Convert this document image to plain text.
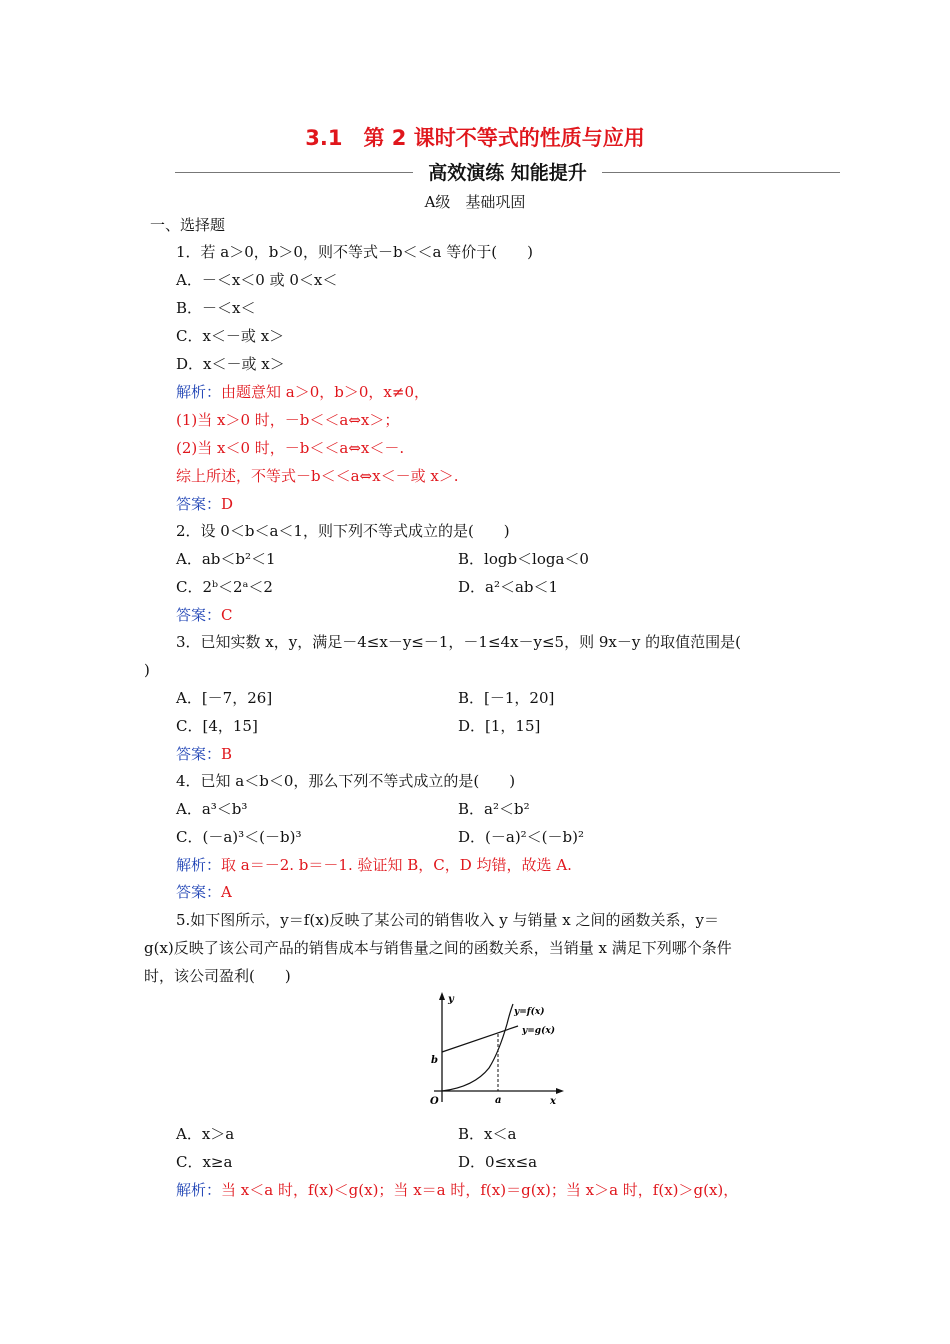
3.1　第 2 课时不等式的性质与应用
高效演练 知能提升
A级　基础巩固
一、选择题
1．若 a＞0，b＞0，则不等式－b＜＜a 等价于(　　)
A．－＜x＜0 或 0＜x＜
B．－＜x＜
C．x＜－或 x＞
D．x＜－或 x＞
解析：由题意知 a＞0，b＞0，x≠0，
(1)当 x＞0 时，－b＜＜a⇔x＞；
(2)当 x＜0 时，－b＜＜a⇔x＜－.
综上所述，不等式－b＜＜a⇔x＜－或 x＞.
答案：D
2．设 0＜b＜a＜1，则下列不等式成立的是(　　)
A．ab＜b²＜1	B．logb＜loga＜0
C．2ᵇ＜2ᵃ＜2	D．a²＜ab＜1
答案：C
3．已知实数 x，y，满足－4≤x－y≤－1，－1≤4x－y≤5，则 9x－y 的取值范围是(
)
A．[－7，26]	B．[－1，20]
C．[4，15]	D．[1，15]
答案：B
4．已知 a＜b＜0，那么下列不等式成立的是(　　)
A．a³＜b³	B．a²＜b²
C．(－a)³＜(－b)³	D．(－a)²＜(－b)²
解析：取 a＝－2. b＝－1. 验证知 B，C，D 均错，故选 A.
答案：A
5.如下图所示，y＝f(x)反映了某公司的销售收入 y 与销量 x 之间的函数关系，y＝
g(x)反映了该公司产品的销售成本与销售量之间的函数关系，当销量 x 满足下列哪个条件
时，该公司盈利(　　)
y
x
O
b
a
y=f(x)
y=g(x)
A．x＞a	B．x＜a
C．x≥a	D．0≤x≤a
解析：当 x＜a 时，f(x)＜g(x)；当 x＝a 时，f(x)＝g(x)；当 x＞a 时，f(x)＞g(x)，
